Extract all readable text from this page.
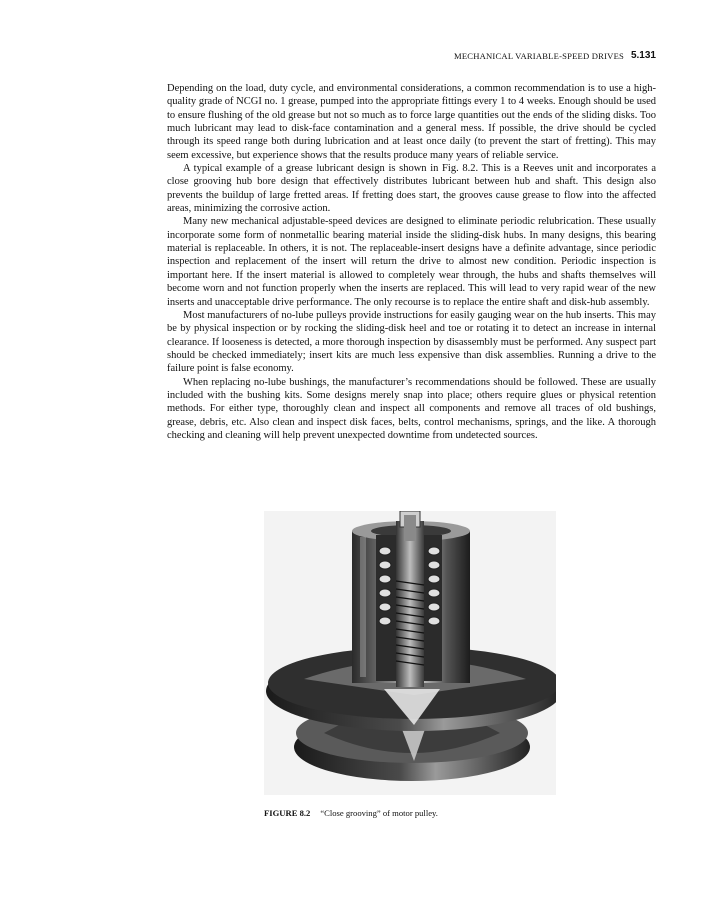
MECHANICAL VARIABLE-SPEED DRIVES 5.131

Depending on the load, duty cycle, and environmental considerations, a common recommendation is to use a high-quality grade of NCGI no. 1 grease, pumped into the appropriate fittings every 1 to 4 weeks. Enough should be used to ensure flushing of the old grease but not so much as to force large quantities out the ends of the sliding disks. Too much lubricant may lead to disk-face contamination and a general mess. If possible, the drive should be cycled through its speed range both during lubrication and at least once daily (to prevent the start of fretting). This may seem excessive, but experience shows that the results produce many years of reliable service.

A typical example of a grease lubricant design is shown in Fig. 8.2. This is a Reeves unit and incorporates a close grooving hub bore design that effectively distributes lubricant between hub and shaft. This design also prevents the buildup of large fretted areas. If fretting does start, the grooves cause grease to flow into the affected areas, minimizing the corrosive action.

Many new mechanical adjustable-speed devices are designed to eliminate periodic relubrication. These usually incorporate some form of nonmetallic bearing material inside the sliding-disk hubs. In many designs, this bearing material is replaceable. In others, it is not. The replaceable-insert designs have a definite advantage, since periodic inspection and replacement of the insert will return the drive to almost new condition. Periodic inspection is important here. If the insert material is allowed to completely wear through, the hubs and shafts themselves will become worn and not function properly when the inserts are replaced. This will lead to very rapid wear of the new inserts and unacceptable drive performance. The only recourse is to replace the entire shaft and disk-hub assembly.

Most manufacturers of no-lube pulleys provide instructions for easily gauging wear on the hub inserts. This may be by physical inspection or by rocking the sliding-disk heel and toe or rotating it to detect an increase in internal clearance. If looseness is detected, a more thorough inspection by disassembly must be performed. Any suspect part should be checked immediately; insert kits are much less expensive than disk assemblies. Running a drive to the failure point is false economy.

When replacing no-lube bushings, the manufacturer’s recommendations should be followed. These are usually included with the bushing kits. Some designs merely snap into place; others require glues or physical retention methods. For either type, thoroughly clean and inspect all components and remove all traces of old bushings, grease, debris, etc. Also clean and inspect disk faces, belts, control mechanisms, springs, and the like. A thorough checking and cleaning will help prevent unexpected downtime from undetected sources.

FIGURE 8.2 “Close grooving” of motor pulley.
